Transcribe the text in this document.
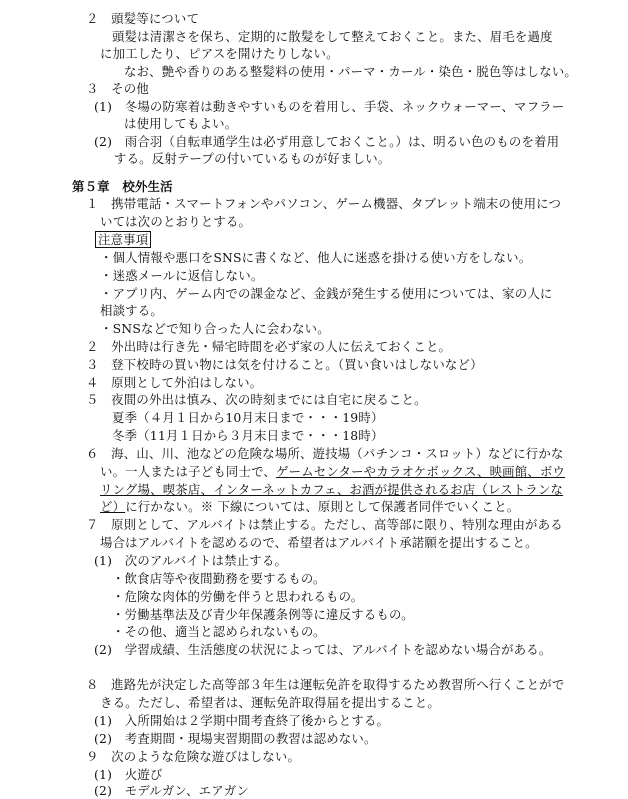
２　頭髪等について
頭髪は清潔さを保ち、定期的に散髪をして整えておくこと。また、眉毛を過度
に加工したり、ピアスを開けたりしない。
なお、艶や香りのある整髪料の使用・パーマ・カール・染色・脱色等はしない。
３　その他
(1)　冬場の防寒着は動きやすいものを着用し、手袋、ネックウォーマー、マフラー
は使用してもよい。
(2)　雨合羽（自転車通学生は必ず用意しておくこと。）は、明るい色のものを着用
する。反射テープの付いているものが好ましい。
第５章　校外生活
１　携帯電話・スマートフォンやパソコン、ゲーム機器、タブレット端末の使用につ
いては次のとおりとする。
注意事項
・個人情報や悪口をSNSに書くなど、他人に迷惑を掛ける使い方をしない。
・迷惑メールに返信しない。
・アプリ内、ゲーム内での課金など、金銭が発生する使用については、家の人に
相談する。
・SNSなどで知り合った人に会わない。
２　外出時は行き先・帰宅時間を必ず家の人に伝えておくこと。
３　登下校時の買い物には気を付けること。（買い食いはしないなど）
４　原則として外泊はしない。
５　夜間の外出は慎み、次の時刻までには自宅に戻ること。
夏季（４月１日から10月末日まで・・・19時）
冬季（11月１日から３月末日まで・・・18時）
６　海、山、川、池などの危険な場所、遊技場（パチンコ・スロット）などに行かな
い。一人または子ども同士で、ゲームセンターやカラオケボックス、映画館、ボウ
リング場、喫茶店、インターネットカフェ、お酒が提供されるお店（レストランな
ど）に行かない。※ 下線については、原則として保護者同伴でいくこと。
７　原則として、アルバイトは禁止する。ただし、高等部に限り、特別な理由がある
場合はアルバイトを認めるので、希望者はアルバイト承諾願を提出すること。
(1)　次のアルバイトは禁止する。
・飲食店等や夜間勤務を要するもの。
・危険な肉体的労働を伴うと思われるもの。
・労働基準法及び青少年保護条例等に違反するもの。
・その他、適当と認められないもの。
(2)　学習成績、生活態度の状況によっては、アルバイトを認めない場合がある。
８　進路先が決定した高等部３年生は運転免許を取得するため教習所へ行くことがで
きる。ただし、希望者は、運転免許取得届を提出すること。
(1)　入所開始は２学期中間考査終了後からとする。
(2)　考査期間・現場実習期間の教習は認めない。
９　次のような危険な遊びはしない。
(1)　火遊び
(2)　モデルガン、エアガン
